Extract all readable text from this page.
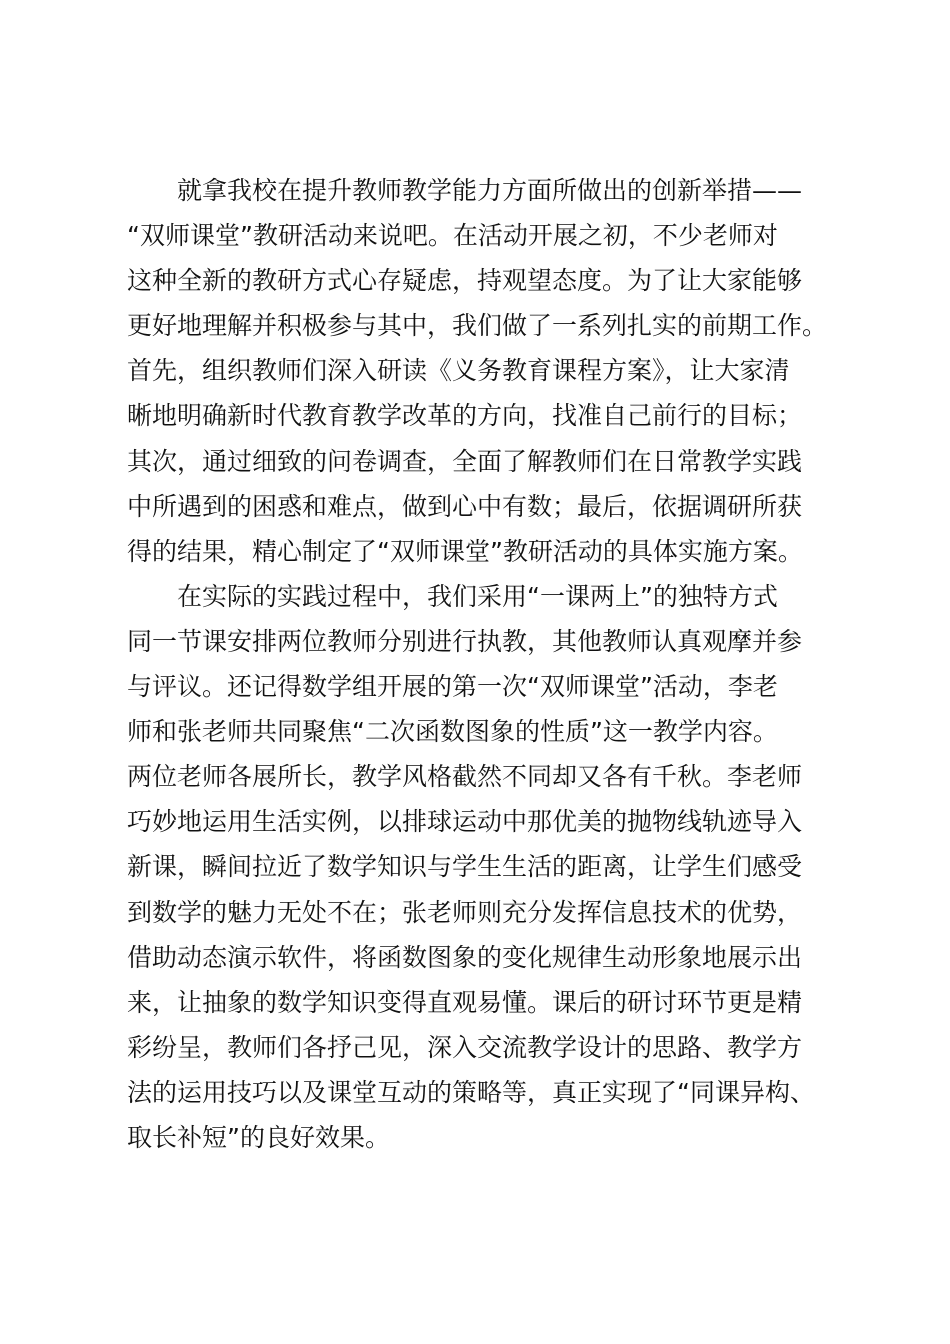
就拿我校在提升教师教学能力方面所做出的创新举措——
“双师课堂”教研活动来说吧。在活动开展之初，不少老师对
这种全新的教研方式心存疑虑，持观望态度。为了让大家能够
更好地理解并积极参与其中，我们做了一系列扎实的前期工作。
首先，组织教师们深入研读《义务教育课程方案》，让大家清
晰地明确新时代教育教学改革的方向，找准自己前行的目标；
其次，通过细致的问卷调查，全面了解教师们在日常教学实践
中所遇到的困惑和难点，做到心中有数；最后，依据调研所获
得的结果，精心制定了“双师课堂”教研活动的具体实施方案。
在实际的实践过程中，我们采用“一课两上”的独特方式
同一节课安排两位教师分别进行执教，其他教师认真观摩并参
与评议。还记得数学组开展的第一次“双师课堂”活动，李老
师和张老师共同聚焦“二次函数图象的性质”这一教学内容。
两位老师各展所长，教学风格截然不同却又各有千秋。李老师
巧妙地运用生活实例，以排球运动中那优美的抛物线轨迹导入
新课，瞬间拉近了数学知识与学生生活的距离，让学生们感受
到数学的魅力无处不在；张老师则充分发挥信息技术的优势，
借助动态演示软件，将函数图象的变化规律生动形象地展示出
来，让抽象的数学知识变得直观易懂。课后的研讨环节更是精
彩纷呈，教师们各抒己见，深入交流教学设计的思路、教学方
法的运用技巧以及课堂互动的策略等，真正实现了“同课异构、
取长补短”的良好效果。
